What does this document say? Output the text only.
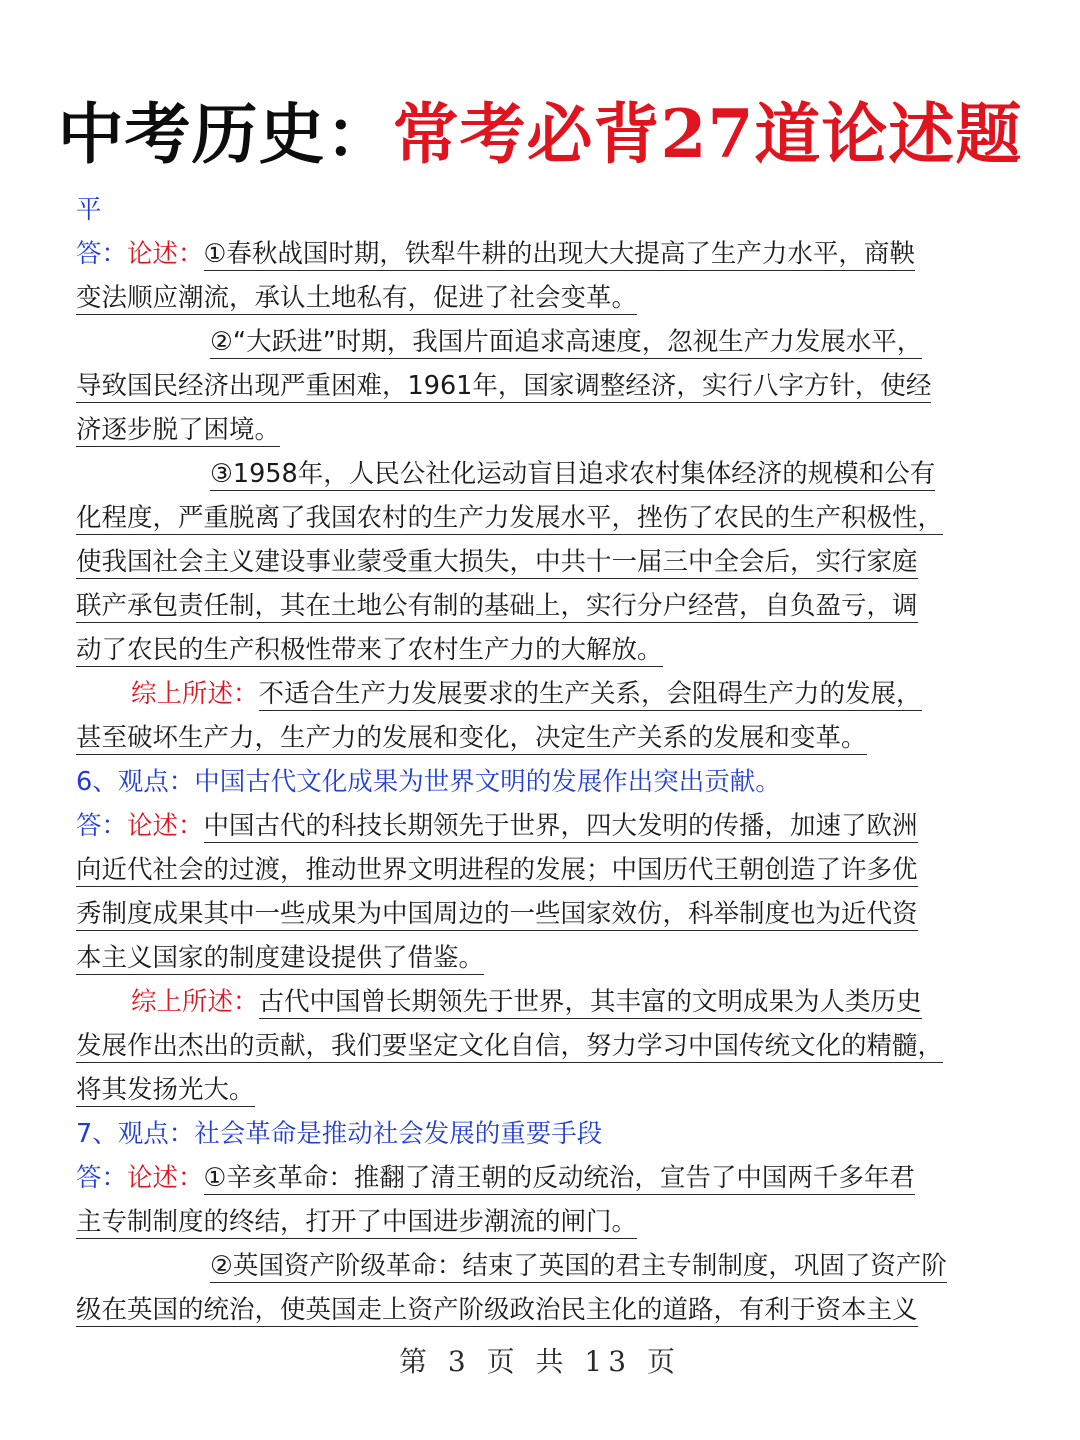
中考历史：常考必背27道论述题
平
答：论述：①春秋战国时期，铁犁牛耕的出现大大提高了生产力水平，商鞅
变法顺应潮流，承认土地私有，促进了社会变革。
②“大跃进”时期，我国片面追求高速度，忽视生产力发展水平，
导致国民经济出现严重困难，1961年，国家调整经济，实行八字方针，使经
济逐步脱了困境。
③1958年，人民公社化运动盲目追求农村集体经济的规模和公有
化程度，严重脱离了我国农村的生产力发展水平，挫伤了农民的生产积极性，
使我国社会主义建设事业蒙受重大损失，中共十一届三中全会后，实行家庭
联产承包责任制，其在土地公有制的基础上，实行分户经营，自负盈亏，调
动了农民的生产积极性带来了农村生产力的大解放。
综上所述：不适合生产力发展要求的生产关系，会阻碍生产力的发展，
甚至破坏生产力，生产力的发展和变化，决定生产关系的发展和变革。
6、观点：中国古代文化成果为世界文明的发展作出突出贡献。
答：论述：中国古代的科技长期领先于世界，四大发明的传播，加速了欧洲
向近代社会的过渡，推动世界文明进程的发展；中国历代王朝创造了许多优
秀制度成果其中一些成果为中国周边的一些国家效仿，科举制度也为近代资
本主义国家的制度建设提供了借鉴。
综上所述：古代中国曾长期领先于世界，其丰富的文明成果为人类历史
发展作出杰出的贡献，我们要坚定文化自信，努力学习中国传统文化的精髓，
将其发扬光大。
7、观点：社会革命是推动社会发展的重要手段
答：论述：①辛亥革命：推翻了清王朝的反动统治，宣告了中国两千多年君
主专制制度的终结，打开了中国进步潮流的闸门。
②英国资产阶级革命：结束了英国的君主专制制度，巩固了资产阶
级在英国的统治，使英国走上资产阶级政治民主化的道路，有利于资本主义
第 3 页 共 13 页
